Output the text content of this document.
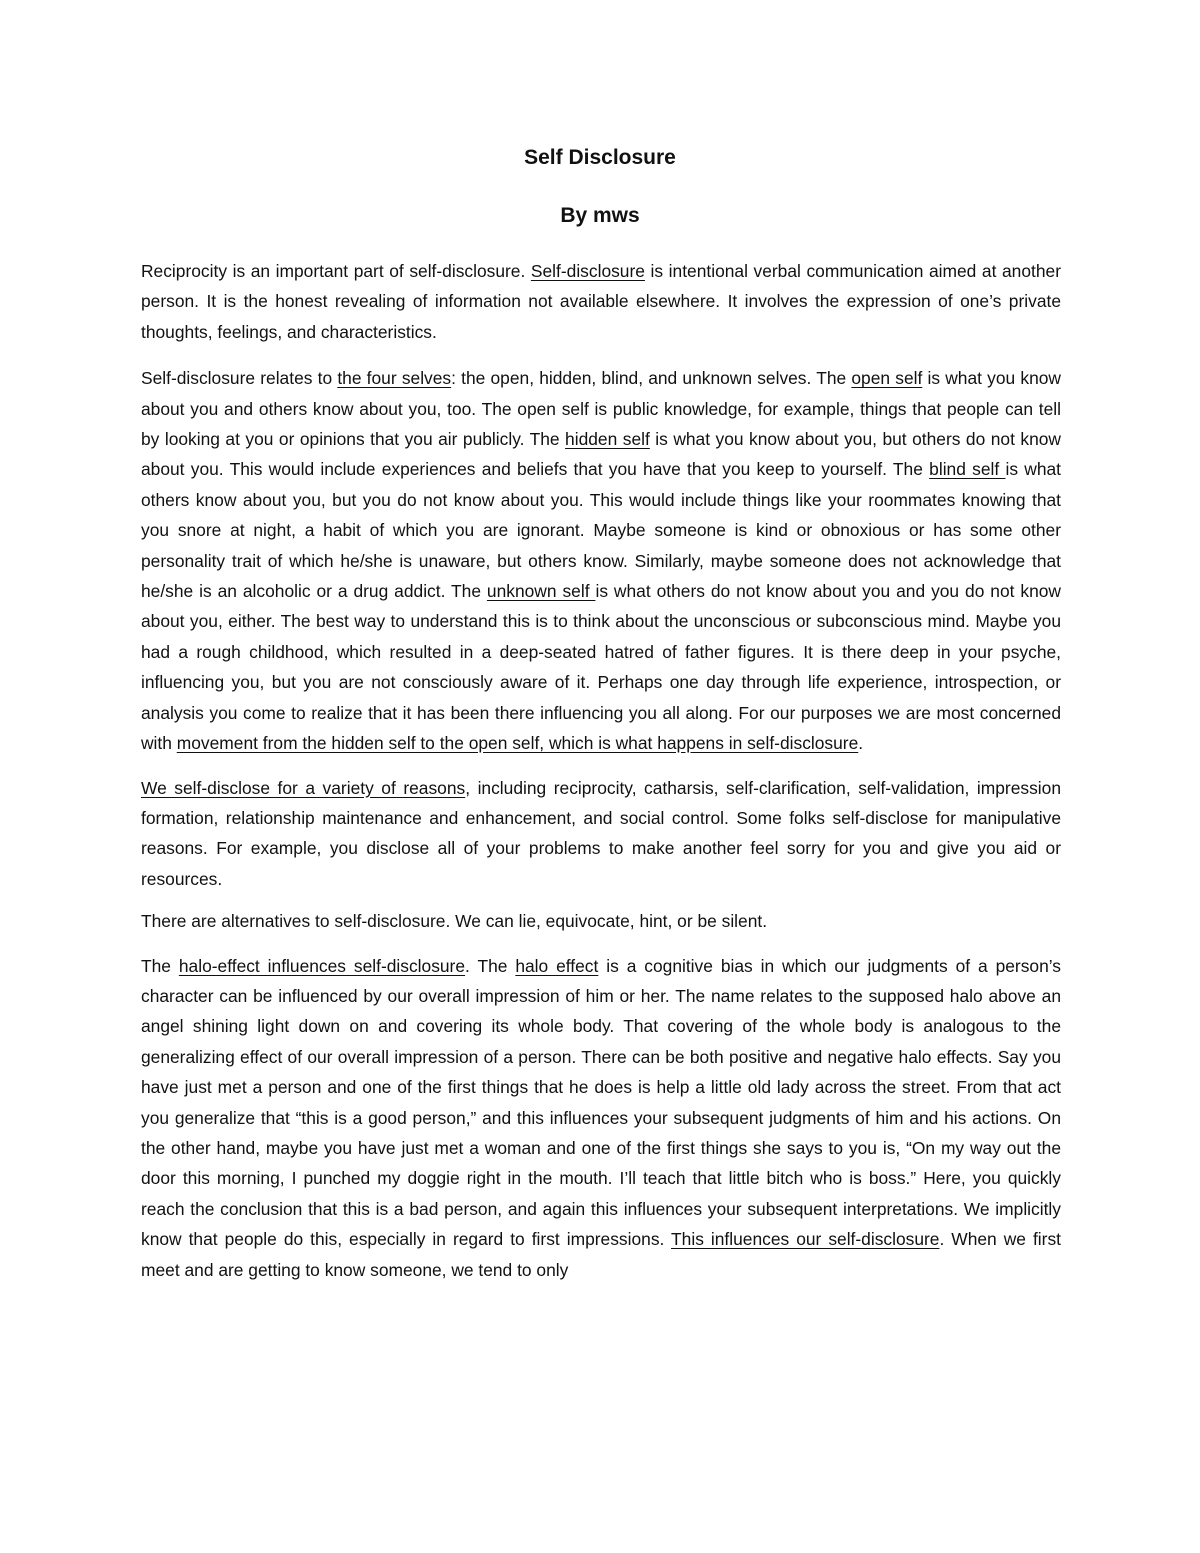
Self Disclosure
By mws

Reciprocity is an important part of self-disclosure. Self-disclosure is intentional verbal communication aimed at another person. It is the honest revealing of information not available elsewhere. It involves the expression of one’s private thoughts, feelings, and characteristics.

Self-disclosure relates to the four selves: the open, hidden, blind, and unknown selves. The open self is what you know about you and others know about you, too. The open self is public knowledge, for example, things that people can tell by looking at you or opinions that you air publicly. The hidden self is what you know about you, but others do not know about you. This would include experiences and beliefs that you have that you keep to yourself. The blind self is what others know about you, but you do not know about you. This would include things like your roommates knowing that you snore at night, a habit of which you are ignorant. Maybe someone is kind or obnoxious or has some other personality trait of which he/she is unaware, but others know. Similarly, maybe someone does not acknowledge that he/she is an alcoholic or a drug addict. The unknown self is what others do not know about you and you do not know about you, either. The best way to understand this is to think about the unconscious or subconscious mind. Maybe you had a rough childhood, which resulted in a deep-seated hatred of father figures. It is there deep in your psyche, influencing you, but you are not consciously aware of it. Perhaps one day through life experience, introspection, or analysis you come to realize that it has been there influencing you all along. For our purposes we are most concerned with movement from the hidden self to the open self, which is what happens in self-disclosure.

We self-disclose for a variety of reasons, including reciprocity, catharsis, self-clarification, self-validation, impression formation, relationship maintenance and enhancement, and social control. Some folks self-disclose for manipulative reasons. For example, you disclose all of your problems to make another feel sorry for you and give you aid or resources.

There are alternatives to self-disclosure. We can lie, equivocate, hint, or be silent.

The halo-effect influences self-disclosure. The halo effect is a cognitive bias in which our judgments of a person’s character can be influenced by our overall impression of him or her. The name relates to the supposed halo above an angel shining light down on and covering its whole body. That covering of the whole body is analogous to the generalizing effect of our overall impression of a person. There can be both positive and negative halo effects. Say you have just met a person and one of the first things that he does is help a little old lady across the street. From that act you generalize that “this is a good person,” and this influences your subsequent judgments of him and his actions. On the other hand, maybe you have just met a woman and one of the first things she says to you is, “On my way out the door this morning, I punched my doggie right in the mouth. I’ll teach that little bitch who is boss.” Here, you quickly reach the conclusion that this is a bad person, and again this influences your subsequent interpretations. We implicitly know that people do this, especially in regard to first impressions. This influences our self-disclosure. When we first meet and are getting to know someone, we tend to only
